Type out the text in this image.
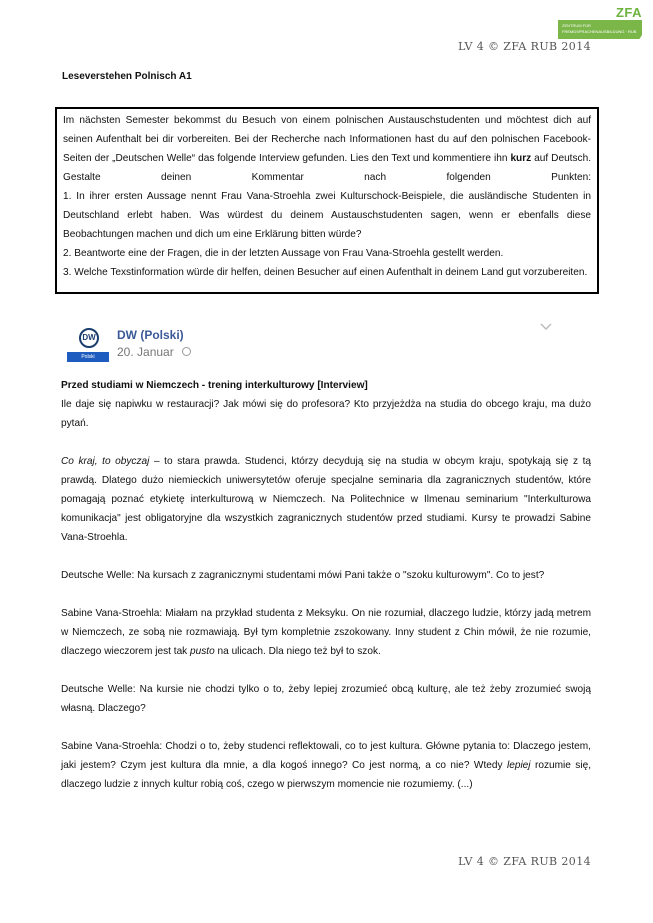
ZFA
ZENTRUM FÜR
FREMDSPRACHENAUSBILDUNG · RUB
LV 4 © ZFA RUB 2014
Leseverstehen Polnisch A1

Im nächsten Semester bekommst du Besuch von einem polnischen Austauschstudenten und möchtest dich auf seinen Aufenthalt bei dir vorbereiten. Bei der Recherche nach Informationen hast du auf den polnischen Facebook-Seiten der „Deutschen Welle“ das folgende Interview gefunden. Lies den Text und kommentiere ihn kurz auf Deutsch. Gestalte deinen Kommentar nach folgenden Punkten:

1. In ihrer ersten Aussage nennt Frau Vana-Stroehla zwei Kulturschock-Beispiele, die ausländische Studenten in Deutschland erlebt haben. Was würdest du deinem Austauschstudenten sagen, wenn er ebenfalls diese Beobachtungen machen und dich um eine Erklärung bitten würde?

2. Beantworte eine der Fragen, die in der letzten Aussage von Frau Vana-Stroehla gestellt werden.

3. Welche Texstinformation würde dir helfen, deinen Besucher auf einen Aufenthalt in deinem Land gut vorzubereiten.

DW
Polski
DW (Polski)
20. Januar

Przed studiami w Niemczech - trening interkulturowy [Interview]

Ile daje się napiwku w restauracji? Jak mówi się do profesora? Kto przyjeżdża na studia do obcego kraju, ma dużo pytań.

Co kraj, to obyczaj – to stara prawda. Studenci, którzy decydują się na studia w obcym kraju, spotykają się z tą prawdą. Dlatego dużo niemieckich uniwersytetów oferuje specjalne seminaria dla zagranicznych studentów, które pomagają poznać etykietę interkulturową w Niemczech. Na Politechnice w Ilmenau seminarium "Interkulturowa komunikacja" jest obligatoryjne dla wszystkich zagranicznych studentów przed studiami. Kursy te prowadzi Sabine Vana-Stroehla.

Deutsche Welle: Na kursach z zagranicznymi studentami mówi Pani także o "szoku kulturowym". Co to jest?

Sabine Vana-Stroehla: Miałam na przykład studenta z Meksyku. On nie rozumiał, dlaczego ludzie, którzy jadą metrem w Niemczech, ze sobą nie rozmawiają. Był tym kompletnie zszokowany. Inny student z Chin mówił, że nie rozumie, dlaczego wieczorem jest tak pusto na ulicach. Dla niego też był to szok.

Deutsche Welle: Na kursie nie chodzi tylko o to, żeby lepiej zrozumieć obcą kulturę, ale też żeby zrozumieć swoją własną. Dlaczego?

Sabine Vana-Stroehla: Chodzi o to, żeby studenci reflektowali, co to jest kultura. Główne pytania to: Dlaczego jestem, jaki jestem? Czym jest kultura dla mnie, a dla kogoś innego? Co jest normą, a co nie? Wtedy lepiej rozumie się, dlaczego ludzie z innych kultur robią coś, czego w pierwszym momencie nie rozumiemy. (...)

LV 4 © ZFA RUB 2014
